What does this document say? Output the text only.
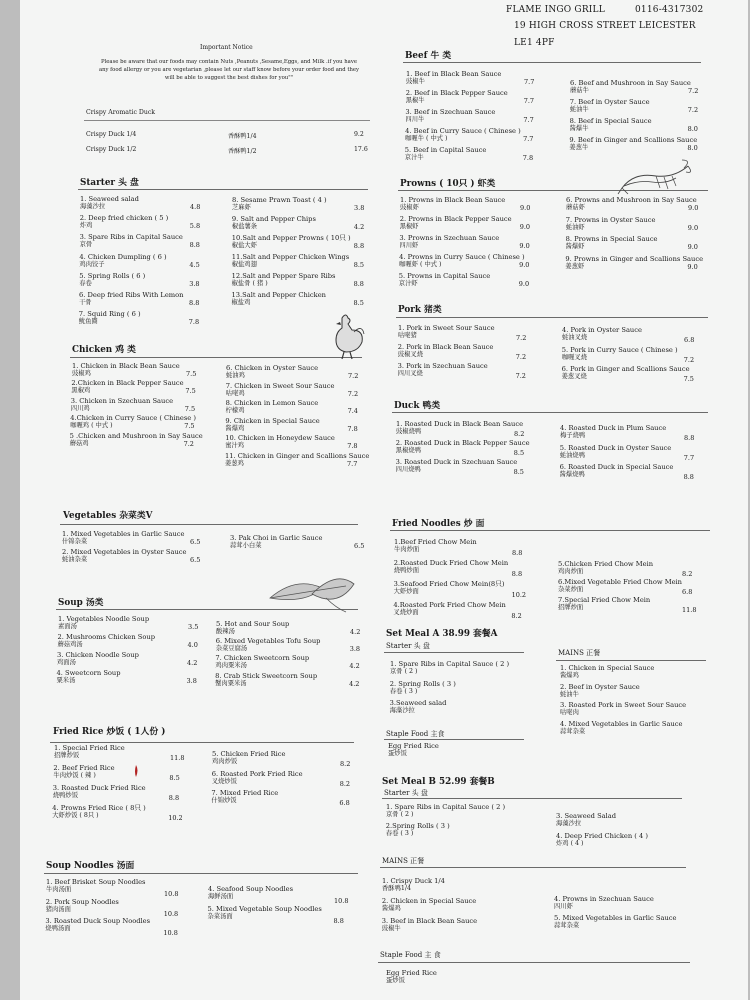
FLAME INGO GRILL	0116-4317302
19 HIGH CROSS STREET LEICESTER
LE1 4PF
Important Notice
Please be aware that our foods may contain Nuts ,Peanuts ,Sesame,Eggs, and Milk .if you have any food allergy or you are vegetarian ,please let our staff know before your order food and they will be able to suggest the best dishes for you""
Crispy Aromatic Duck
Crispy Duck 1/4	香酥鸭1/4	9.2
Crispy Duck 1/2	香酥鸭1/2	17.6
Starter 头 盘
1. Seaweed salad
海藻沙拉	4.8
2. Deep fried chicken ( 5 )
炸鸡	5.8
3. Spare Ribs in Capital Sauce
京骨	8.8
4. Chicken Dumpling ( 6 )
鸡肉饺子	4.5
5. Spring Rolls ( 6 )
春卷	3.8
6. Deep fried Ribs With Lemon
干骨	8.8
7. Squid Ring ( 6 )
鱿鱼圈	7.8
8. Sesame Prawn Toast ( 4 )
芝麻虾	3.8
9. Salt and Pepper Chips
椒盐薯条	4.2
10.Salt and Pepper Prowns ( 10只 )
椒盐大虾	8.8
11.Salt and Pepper Chicken Wings
椒盐鸡翅	8.5
12.Salt and Pepper Spare Ribs
椒盐骨 ( 猪 )	8.8
13.Salt and Pepper Chicken
椒盐鸡	8.5
Chicken 鸡 类
1. Chicken in Black Bean Sauce
豉椒鸡	7.5
2.Chicken in Black Pepper Sauce
黑椒鸡	7.5
3. Chicken in Szechuan Sauce
四川鸡	7.5
4.Chicken in Curry Sauce ( Chinese )
咖喱鸡 ( 中式 )	7.5
5 .Chicken and Mushroon in Say Sauce
蘑菇鸡	7.2
6. Chicken in Oyster Sauce
蚝油鸡	7.2
7. Chicken in Sweet Sour Sauce
咕咾鸡	7.2
8. Chicken in Lemon Sauce
柠檬鸡	7.4
9. Chicken in Special Sauce
酱爆鸡	7.8
10. Chicken in Honeydew Sauce
蜜汁鸡	7.8
11. Chicken in Ginger and Scallions Sauce
姜葱鸡	7.7
Vegetables 杂菜类V
1. Mixed Vegetables in Garlic Sauce
什锦杂菜	6.5
2. Mixed Vegetables in Oyster Sauce
蚝油杂菜	6.5
3. Pak Choi in Garlic Sauce
蒜茸小白菜	6.5
Soup 汤类
1. Vegetables Noodle Soup
素面汤	3.5
2. Mushrooms Chicken Soup
蘑菇鸡汤	4.0
3. Chicken Noodle Soup
鸡面汤	4.2
4. Sweetcorn Soup
粟米汤	3.8
5. Hot and Sour Soup
酸辣汤	4.2
6. Mixed Vegetables Tofu Soup
杂菜豆腐汤	3.8
7. Chicken Sweetcorn Soup
鸡肉粟米汤	4.2
8. Crab Stick Sweetcorn Soup
蟹肉粟米汤	4.2
Fried Rice 炒饭 ( 1人份 )
1. Special Fried Rice
招牌炒饭	11.8
2. Beef Fried Rice
牛肉炒饭 ( 辣 )	8.5
3. Roasted Duck Fried Rice
烧鸭炒饭	8.8
4. Prowns Fried Rice ( 8只 )
大虾炒饭 ( 8只 )	10.2
5. Chicken Fried Rice
鸡肉炒饭	8.2
6. Roasted Pork Fried Rice
叉烧炒饭	8.2
7. Mixed Fried Rice
什锦炒饭	6.8
Soup Noodles 汤面
1. Beef Brisket Soup Noodles
牛肉汤面
10.8
2. Pork Soup Noodles
猪肉汤面
10.8
3. Roasted Duck Soup Noodles
烧鸭汤面
10.8
4. Seafood Soup Noodles
海鲜汤面
10.8
5. Mixed Vegetable Soup Noodles
杂菜汤面
8.8
Beef 牛 类
1. Beef in Black Bean Sauce
豉椒牛	7.7
2. Beef in Black Pepper Sauce
黑椒牛	7.7
3. Beef in Szechuan Sauce
四川牛	7.7
4. Beef in Curry Sauce ( Chinese )
咖喱牛 ( 中式 )	7.7
5. Beef in Capital Sauce
京汁牛	7.8
6. Beef and Mushroon in Say Sauce
蘑菇牛	7.2
7. Beef in Oyster Sauce
蚝油牛	7.2
8. Beef in Special Sauce
酱爆牛	8.0
9. Beef in Ginger and Scallions Sauce
姜葱牛	8.0
Prowns ( 10只 ) 虾类
1. Prowns in Black Bean Sauce
豉椒虾	9.0
2. Prowns in Black Pepper Sauce
黑椒虾	9.0
3. Prowns in Szechuan Sauce
四川虾	9.0
4. Prowns in Curry Sauce ( Chinese )
咖喱虾 ( 中式 )	9.0
5. Prowns in Capital Sauce
京汁虾	9.0
6. Prowns and Mushroon in Say Sauce
蘑菇虾	9.0
7. Prowns in Oyster Sauce
蚝油虾	9.0
8. Prowns in Special Sauce
酱爆虾	9.0
9. Prowns in Ginger and Scallions Sauce
姜葱虾	9.0
Pork 猪类
1. Pork in Sweet Sour Sauce
咕咾猪	7.2
2. Pork in Black Bean Sauce
豉椒叉烧	7.2
3. Pork in Szechuan Sauce
四川叉烧	7.2
4. Pork in Oyster Sauce
蚝油叉烧	6.8
5. Pork in Curry Sauce ( Chinese )
咖喱叉烧	7.2
6. Pork in Ginger and Scallions Sauce
姜葱叉烧	7.5
Duck 鸭类
1. Roasted Duck in Black Bean Sauce
豉椒烧鸭	8.2
2. Roasted Duck in Black Pepper Sauce
黑椒烧鸭	8.5
3. Roasted Duck in Szechuan Sauce
四川烧鸭	8.5
4. Roasted Duck in Plum Sauce
梅子烧鸭	8.8
5. Roasted Duck in Oyster Sauce
蚝油烧鸭	7.7
6. Roasted Duck in Special Sauce
酱爆烧鸭	8.8
Fried Noodles 炒 面
1.Beef Fried Chow Mein
牛肉炒面	8.8
2.Roasted Duck Fried Chow Mein
烧鸭炒面	8.8
3.Seafood Fried Chow Mein(8只)
大虾炒面	10.2
4.Roasted Pork Fried Chow Mein
叉烧炒面	8.2
5.Chicken Fried Chow Mein
鸡肉炒面	8.2
6.Mixed Vegetable Fried Chow Mein
杂菜炒面	6.8
7.Special Fried Chow Mein
招牌炒面	11.8
Set Meal A 38.99 套餐A
Starter 头 盘
MAINS 正餐
1. Spare Ribs in Capital Sauce ( 2 )
京骨 ( 2 )
2. Spring Rolls ( 3 )
春卷 ( 3 )
3.Seaweed salad
海藻沙拉
1. Chicken in Special Sauce
酱爆鸡
2. Beef in Oyster Sauce
蚝油牛
3. Roasted Pork in Sweet Sour Sauce
咕咾肉
4. Mixed Vegetables in Garlic Sauce
蒜茸杂菜
Staple Food 主食
Egg Fried Rice
蛋炒饭
Set Meal B 52.99 套餐B
Starter 头 盘
1. Spare Ribs in Capital Sauce ( 2 )
京骨 ( 2 )
2.Spring Rolls ( 3 )
春卷 ( 3 )
3. Seaweed Salad
海藻沙拉
4. Deep Fried Chicken ( 4 )
炸鸡 ( 4 )
MAINS 正餐
1. Crispy Duck 1/4
香酥鸭1/4
2. Chicken in Special Sauce
酱爆鸡
3. Beef in Black Bean Sauce
豉椒牛
4. Prowns in Szechuan Sauce
四川虾
5. Mixed Vegetables in Garlic Sauce
蒜茸杂菜
Staple Food 主 食
Egg Fried Rice
蛋炒饭
